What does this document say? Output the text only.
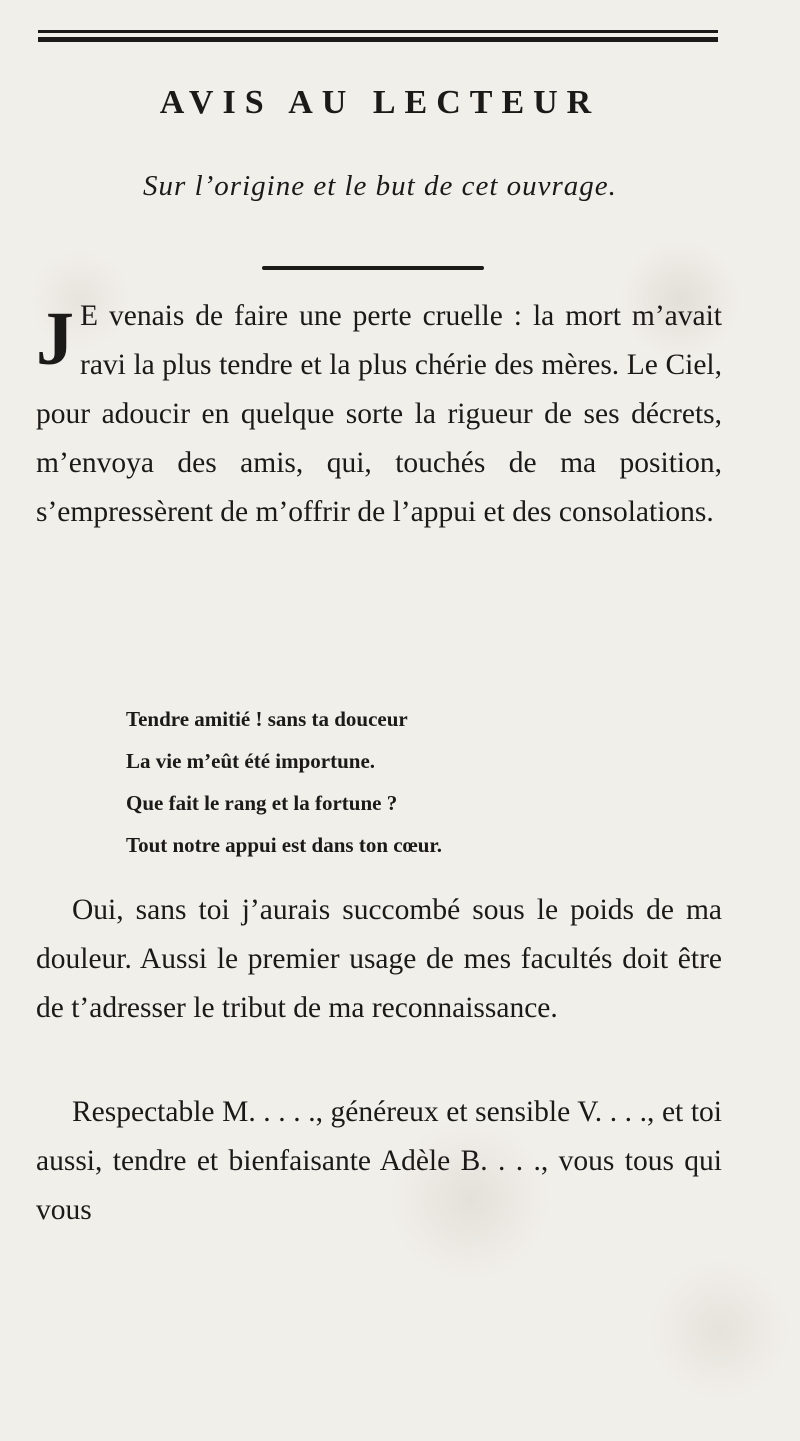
AVIS AU LECTEUR
Sur l’origine et le but de cet ouvrage.
J E venais de faire une perte cruelle : la mort m’avait ravi la plus tendre et la plus chérie des mères. Le Ciel, pour adoucir en quelque sorte la rigueur de ses décrets, m’envoya des amis, qui, touchés de ma position, s’empressèrent de m’offrir de l’appui et des consolations.
Tendre amitié ! sans ta douceur
La vie m’eût été importune.
Que fait le rang et la fortune ?
Tout notre appui est dans ton cœur.
Oui, sans toi j’aurais succombé sous le poids de ma douleur. Aussi le premier usage de mes facultés doit être de t’adresser le tribut de ma reconnaissance.
Respectable M. . . . ., généreux et sensible V. . . ., et toi aussi, tendre et bienfaisante Adèle B. . . ., vous tous qui vous
